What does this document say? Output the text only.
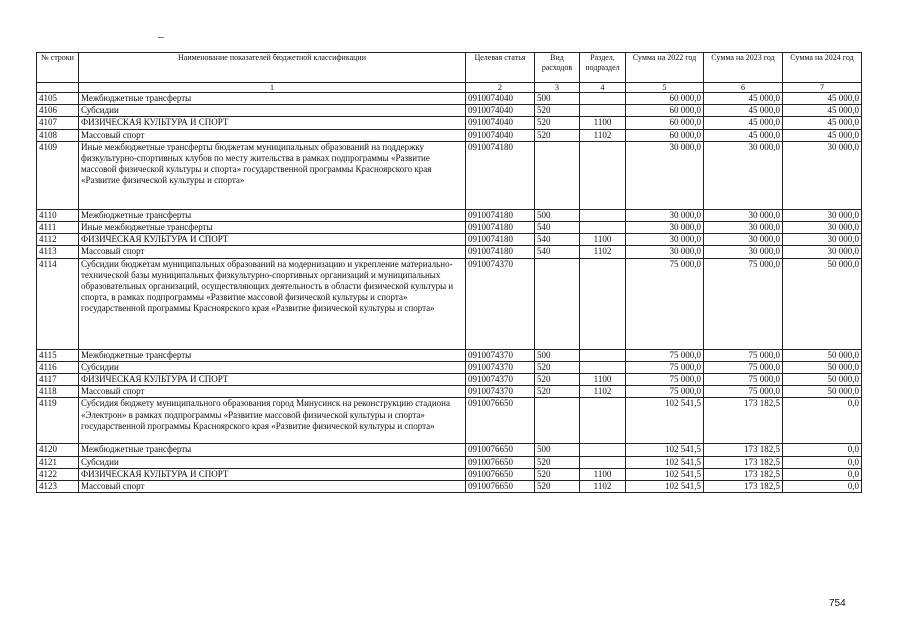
№ строки	Наименование показателей бюджетной классификации	Целевая статья	Вид расходов	Раздел, подраздел	Сумма на 2022 год	Сумма на 2023 год	Сумма на 2024 год
	1	2	3	4	5	6	7
4105	Межбюджетные трансферты	0910074040	500		60 000,0	45 000,0	45 000,0
4106	Субсидии	0910074040	520		60 000,0	45 000,0	45 000,0
4107	ФИЗИЧЕСКАЯ КУЛЬТУРА И СПОРТ	0910074040	520	1100	60 000,0	45 000,0	45 000,0
4108	Массовый спорт	0910074040	520	1102	60 000,0	45 000,0	45 000,0
4109	Иные межбюджетные трансферты бюджетам муниципальных образований на поддержку физкультурно-спортивных клубов по месту жительства в рамках подпрограммы «Развитие массовой физической культуры и спорта» государственной программы Красноярского края «Развитие физической культуры и спорта»	0910074180			30 000,0	30 000,0	30 000,0
4110	Межбюджетные трансферты	0910074180	500		30 000,0	30 000,0	30 000,0
4111	Иные межбюджетные трансферты	0910074180	540		30 000,0	30 000,0	30 000,0
4112	ФИЗИЧЕСКАЯ КУЛЬТУРА И СПОРТ	0910074180	540	1100	30 000,0	30 000,0	30 000,0
4113	Массовый спорт	0910074180	540	1102	30 000,0	30 000,0	30 000,0
4114	Субсидии бюджетам муниципальных образований на модернизацию и укрепление материально-технической базы муниципальных физкультурно-спортивных организаций и муниципальных образовательных организаций, осуществляющих деятельность в области физической культуры и спорта, в рамках подпрограммы «Развитие массовой физической культуры и спорта» государственной программы Красноярского края «Развитие физической культуры и спорта»	0910074370			75 000,0	75 000,0	50 000,0
4115	Межбюджетные трансферты	0910074370	500		75 000,0	75 000,0	50 000,0
4116	Субсидии	0910074370	520		75 000,0	75 000,0	50 000,0
4117	ФИЗИЧЕСКАЯ КУЛЬТУРА И СПОРТ	0910074370	520	1100	75 000,0	75 000,0	50 000,0
4118	Массовый спорт	0910074370	520	1102	75 000,0	75 000,0	50 000,0
4119	Субсидия бюджету муниципального образования город Минусинск на реконструкцию стадиона «Электрон» в рамках подпрограммы «Развитие массовой физической культуры и спорта» государственной программы Красноярского края «Развитие физической культуры и спорта»	0910076650			102 541,5	173 182,5	0,0
4120	Межбюджетные трансферты	0910076650	500		102 541,5	173 182,5	0,0
4121	Субсидии	0910076650	520		102 541,5	173 182,5	0,0
4122	ФИЗИЧЕСКАЯ КУЛЬТУРА И СПОРТ	0910076650	520	1100	102 541,5	173 182,5	0,0
4123	Массовый спорт	0910076650	520	1102	102 541,5	173 182,5	0,0
754
